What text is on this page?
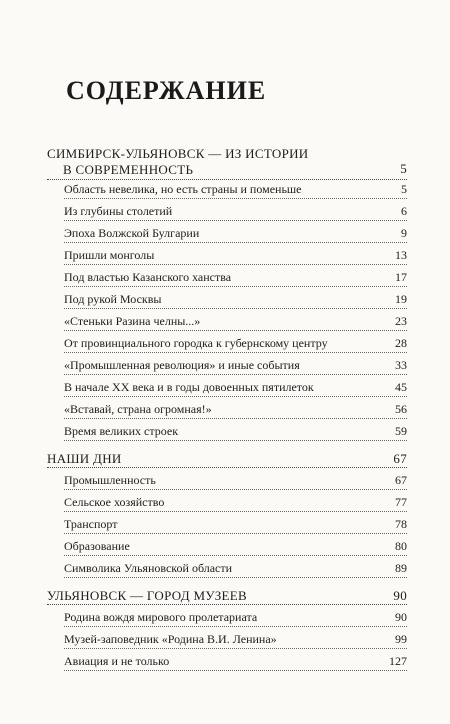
СОДЕРЖАНИЕ
СИМБИРСК-УЛЬЯНОВСК — ИЗ ИСТОРИИ
В СОВРЕМЕННОСТЬ	5
Область невелика, но есть страны и поменьше	5
Из глубины столетий	6
Эпоха Волжской Булгарии	9
Пришли монголы	13
Под властью Казанского ханства	17
Под рукой Москвы	19
«Стеньки Разина челны...»	23
От провинциального городка к губернскому центру	28
«Промышленная революция» и иные события	33
В начале XX века и в годы довоенных пятилеток	45
«Вставай, страна огромная!»	56
Время великих строек	59
НАШИ ДНИ	67
Промышленность	67
Сельское хозяйство	77
Транспорт	78
Образование	80
Символика Ульяновской области	89
УЛЬЯНОВСК — ГОРОД МУЗЕЕВ	90
Родина вождя мирового пролетариата	90
Музей-заповедник «Родина В.И. Ленина»	99
Авиация и не только	127
